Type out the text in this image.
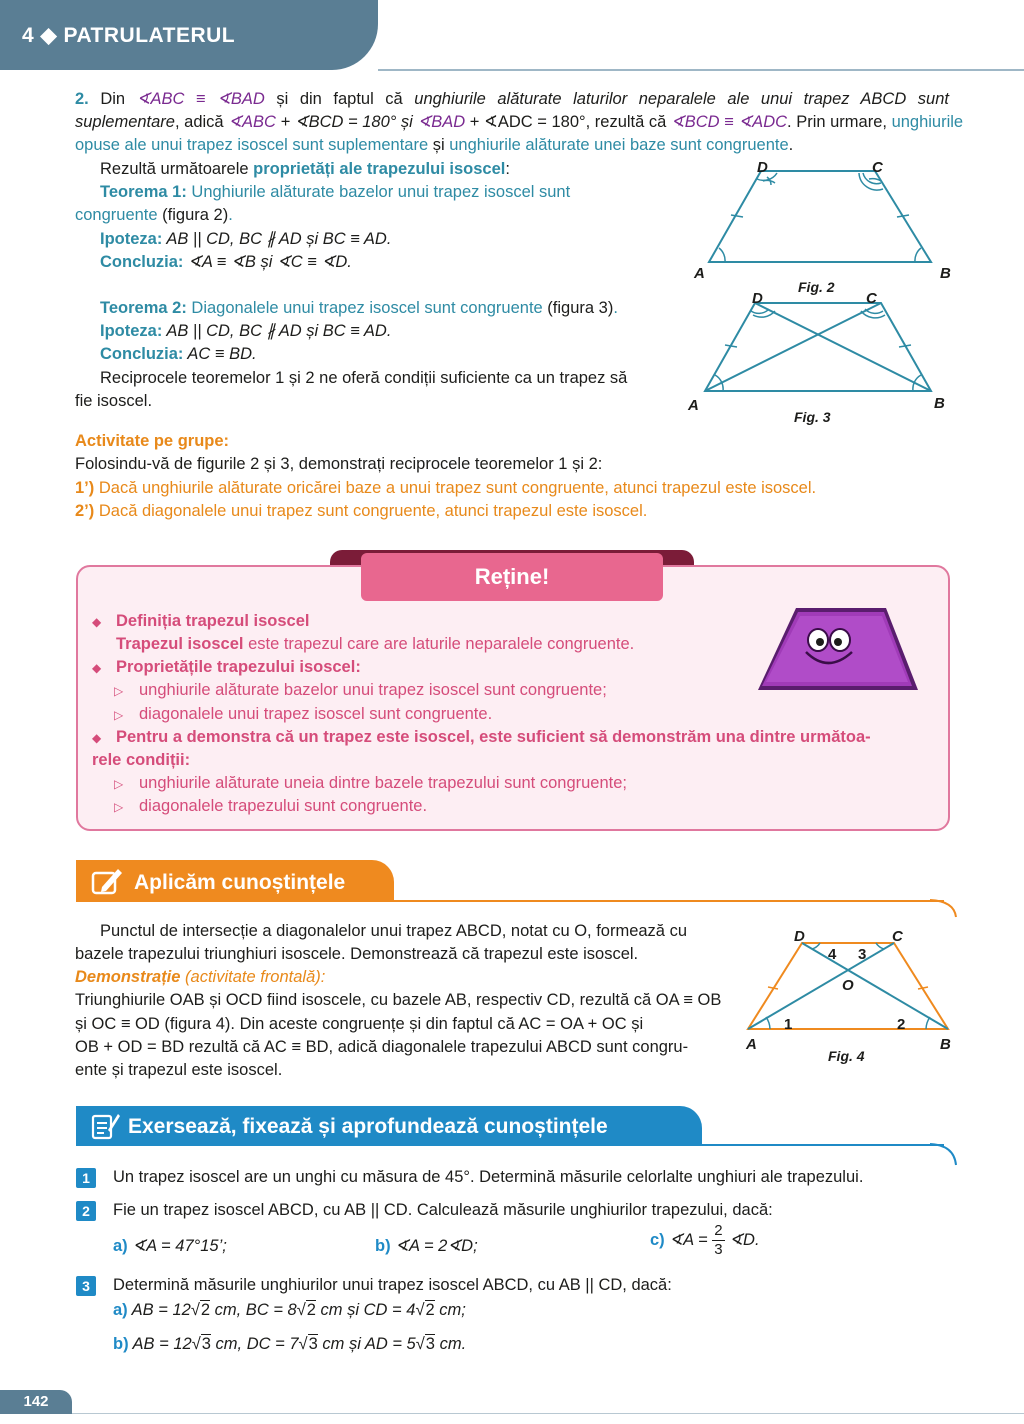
4 ◆ PATRULATERUL
2. Din ∢ABC ≡ ∢BAD și din faptul că unghiurile alăturate laturilor neparalele ale unui trapez ABCD sunt
suplementare, adică ∢ABC + ∢BCD = 180° și ∢BAD + ∢ADC = 180°, rezultă că ∢BCD ≡ ∢ADC. Prin urmare, unghiurile
opuse ale unui trapez isoscel sunt suplementare și unghiurile alăturate unei baze sunt congruente.
Rezultă următoarele proprietăți ale trapezului isoscel:
Teorema 1: Unghiurile alăturate bazelor unui trapez isoscel sunt
congruente (figura 2).
Ipoteza: AB || CD, BC ∦ AD și BC ≡ AD.
Concluzia: ∢A ≡ ∢B și ∢C ≡ ∢D.
Teorema 2: Diagonalele unui trapez isoscel sunt congruente (figura 3).
Ipoteza: AB || CD, BC ∦ AD și BC ≡ AD.
Concluzia: AC ≡ BD.
Reciprocele teoremelor 1 și 2 ne oferă condiții suficiente ca un trapez să
fie isoscel.
D	C
A	B
Fig. 2
D	C
A	B
Fig. 3
Activitate pe grupe:
Folosindu-vă de figurile 2 și 3, demonstrați reciprocele teoremelor 1 și 2:
1’) Dacă unghiurile alăturate oricărei baze a unui trapez sunt congruente, atunci trapezul este isoscel.
2’) Dacă diagonalele unui trapez sunt congruente, atunci trapezul este isoscel.
Reține!
◆ Definiția trapezul isoscel
Trapezul isoscel este trapezul care are laturile neparalele congruente.
◆ Proprietățile trapezului isoscel:
▷ unghiurile alăturate bazelor unui trapez isoscel sunt congruente;
▷ diagonalele unui trapez isoscel sunt congruente.
◆ Pentru a demonstra că un trapez este isoscel, este suficient să demonstrăm una dintre următoa-
rele condiții:
▷ unghiurile alăturate uneia dintre bazele trapezului sunt congruente;
▷ diagonalele trapezului sunt congruente.
Aplicăm cunoștințele
Punctul de intersecție a diagonalelor unui trapez ABCD, notat cu O, formează cu
bazele trapezului triunghiuri isoscele. Demonstrează că trapezul este isoscel.
Demonstrație (activitate frontală):
Triunghiurile OAB și OCD fiind isoscele, cu bazele AB, respectiv CD, rezultă că OA ≡ OB
și OC ≡ OD (figura 4). Din aceste congruențe și din faptul că AC = OA + OC și
OB + OD = BD rezultă că AC ≡ BD, adică diagonalele trapezului ABCD sunt congru-
ente și trapezul este isoscel.
D	C
A	B
O
1	2
3
4
Fig. 4
Exersează, fixează și aprofundează cunoștințele
1	Un trapez isoscel are un unghi cu măsura de 45°. Determină măsurile celorlalte unghiuri ale trapezului.
2	Fie un trapez isoscel ABCD, cu AB || CD. Calculează măsurile unghiurilor trapezului, dacă:
a) ∢A = 47°15’;	b) ∢A = 2∢D;	c) ∢A = $\frac{2}{3}$ ∢D.
3	Determină măsurile unghiurilor unui trapez isoscel ABCD, cu AB || CD, dacă:
a) AB = 12√2 cm, BC = 8√2 cm și CD = 4√2 cm;
b) AB = 12√3 cm, DC = 7√3 cm și AD = 5√3 cm.
142
